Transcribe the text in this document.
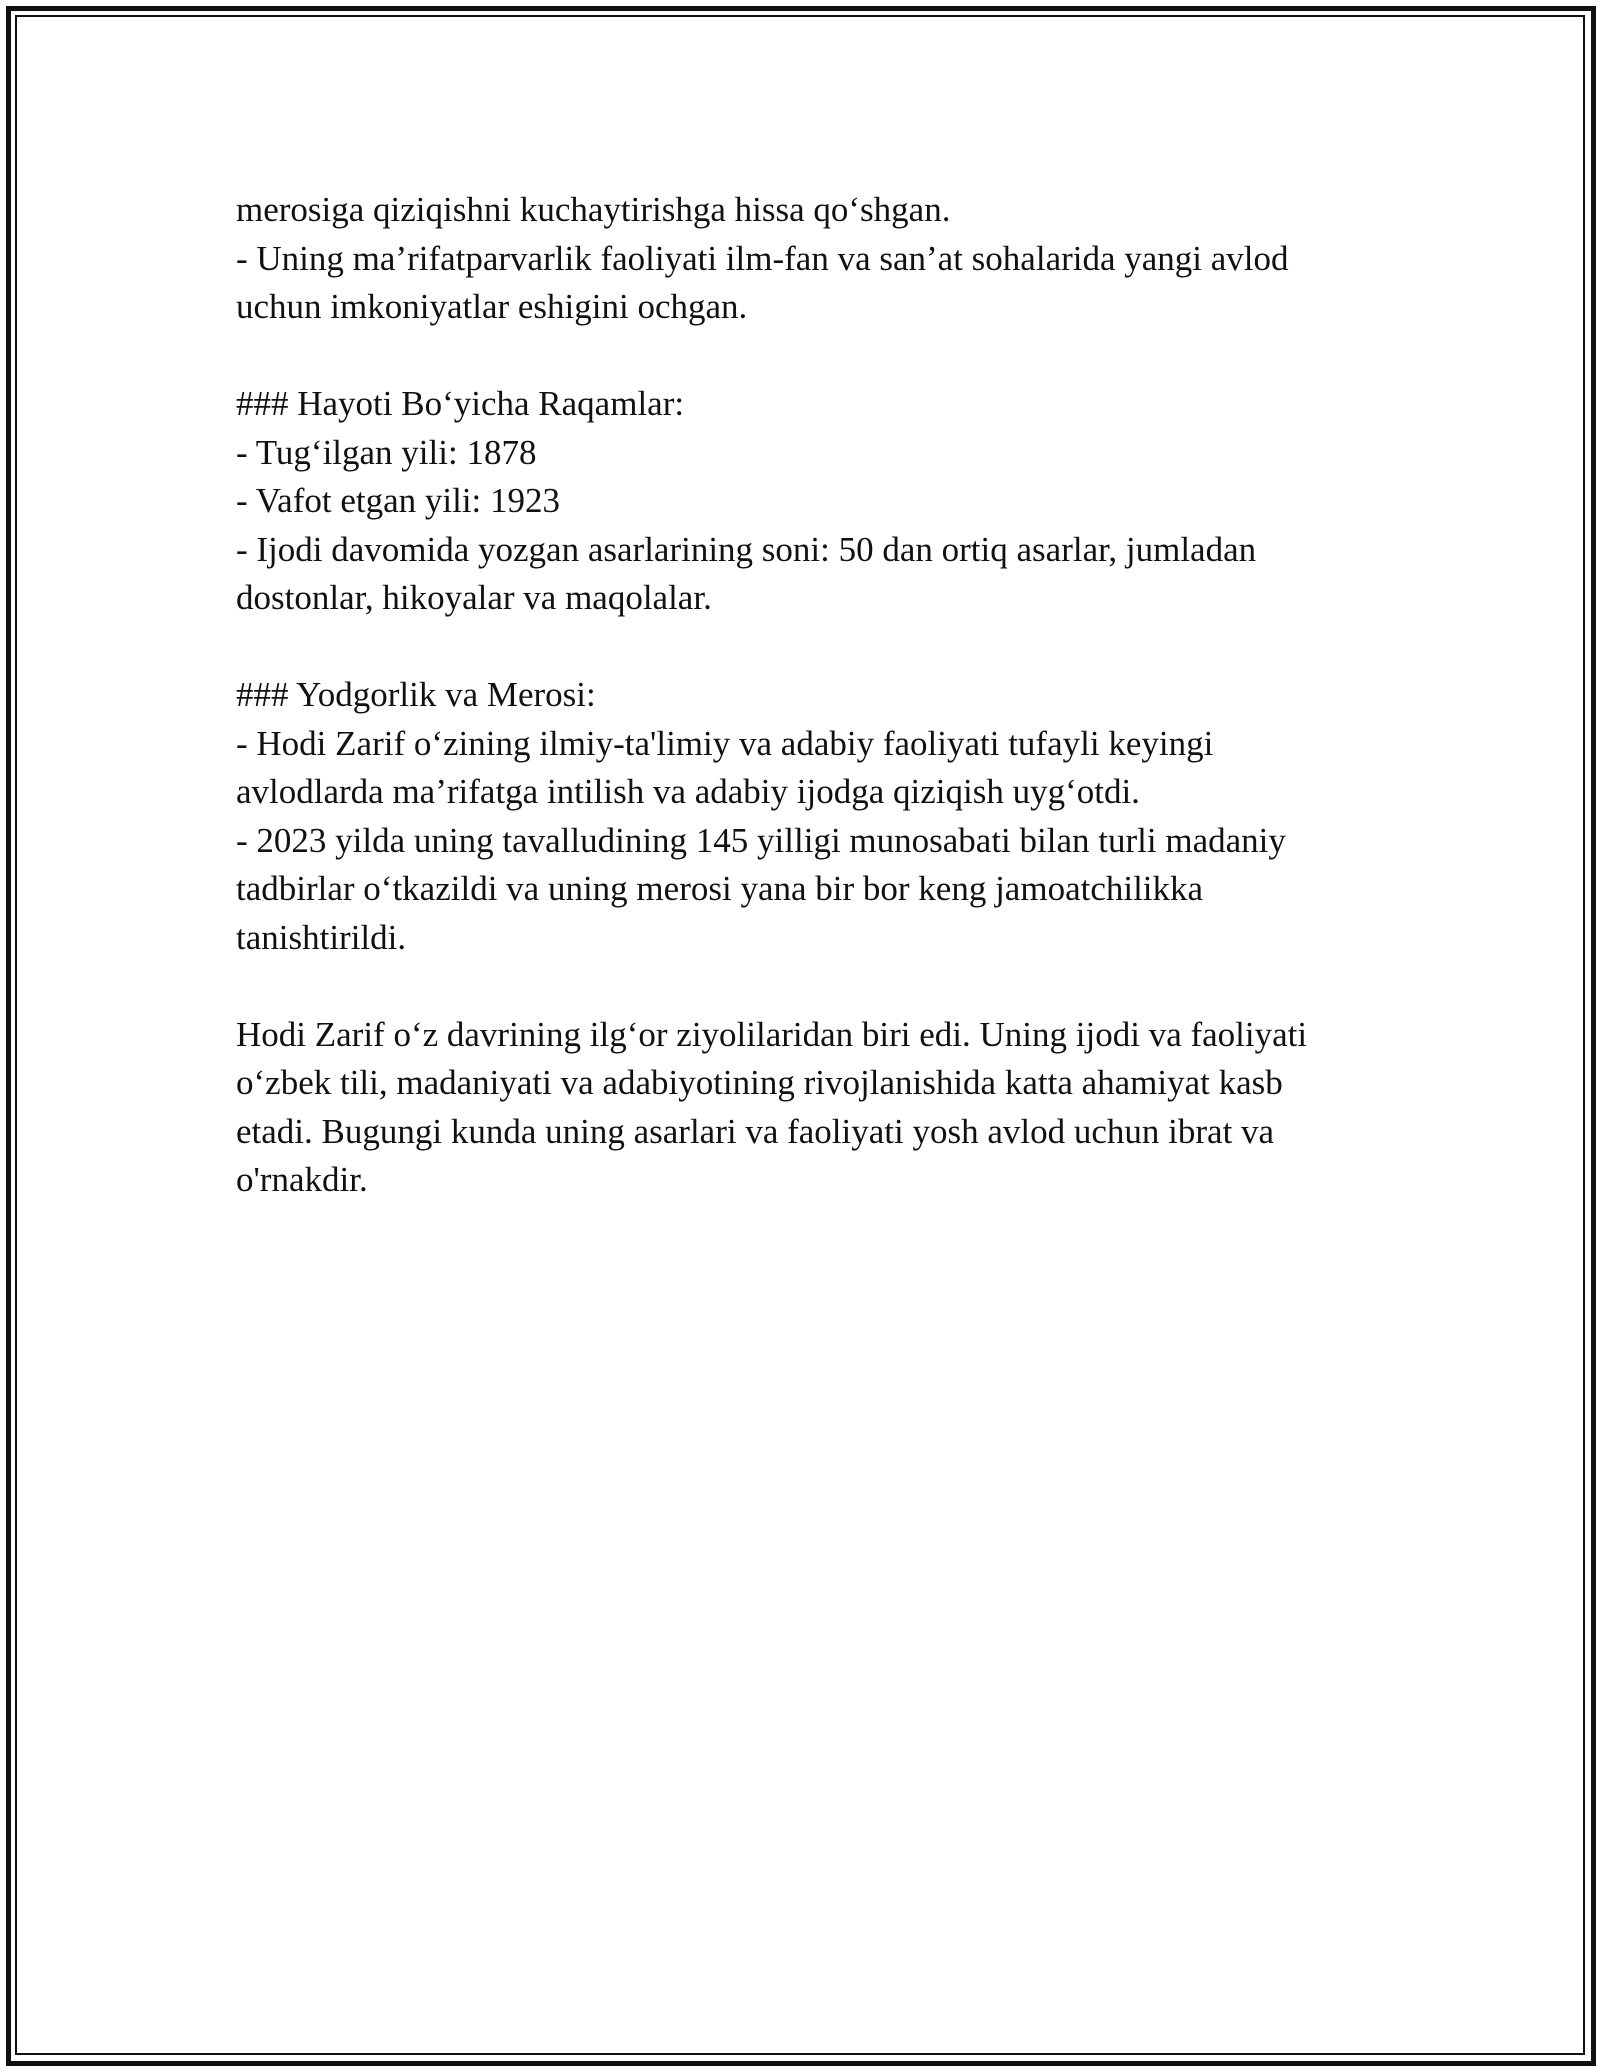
merosiga qiziqishni kuchaytirishga hissa qo‘shgan.
- Uning ma’rifatparvarlik faoliyati ilm-fan va san’at sohalarida yangi avlod
uchun imkoniyatlar eshigini ochgan.
### Hayoti Bo‘yicha Raqamlar:
- Tug‘ilgan yili: 1878
- Vafot etgan yili: 1923
- Ijodi davomida yozgan asarlarining soni: 50 dan ortiq asarlar, jumladan
dostonlar, hikoyalar va maqolalar.
### Yodgorlik va Merosi:
- Hodi Zarif o‘zining ilmiy-ta'limiy va adabiy faoliyati tufayli keyingi
avlodlarda ma’rifatga intilish va adabiy ijodga qiziqish uyg‘otdi.
- 2023 yilda uning tavalludining 145 yilligi munosabati bilan turli madaniy
tadbirlar o‘tkazildi va uning merosi yana bir bor keng jamoatchilikka
tanishtirildi.
Hodi Zarif o‘z davrining ilg‘or ziyolilaridan biri edi. Uning ijodi va faoliyati
o‘zbek tili, madaniyati va adabiyotining rivojlanishida katta ahamiyat kasb
etadi. Bugungi kunda uning asarlari va faoliyati yosh avlod uchun ibrat va
o'rnakdir.
